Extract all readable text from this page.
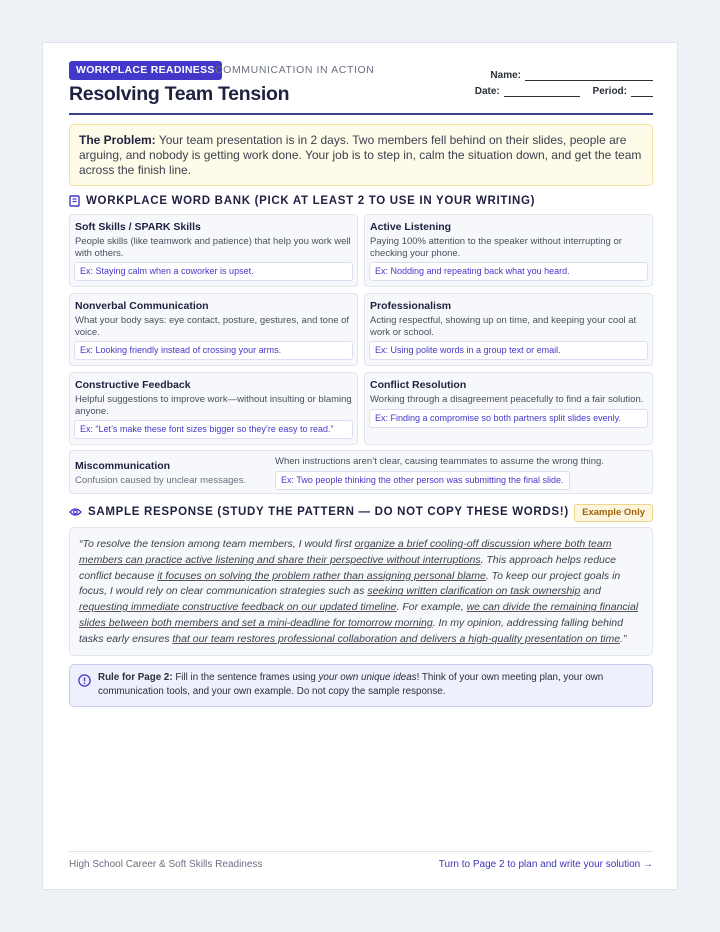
WORKPLACE READINESS COMMUNICATION IN ACTION
Resolving Team Tension
Name:
Date:	Period:
The Problem: Your team presentation is in 2 days. Two members fell behind on their slides, people are arguing, and nobody is getting work done. Your job is to step in, calm the situation down, and get the team across the finish line.
WORKPLACE WORD BANK (PICK AT LEAST 2 TO USE IN YOUR WRITING)
Soft Skills / SPARK Skills
People skills (like teamwork and patience) that help you work well with others.
Ex: Staying calm when a coworker is upset.
Active Listening
Paying 100% attention to the speaker without interrupting or checking your phone.
Ex: Nodding and repeating back what you heard.
Nonverbal Communication
What your body says: eye contact, posture, gestures, and tone of voice.
Ex: Looking friendly instead of crossing your arms.
Professionalism
Acting respectful, showing up on time, and keeping your cool at work or school.
Ex: Using polite words in a group text or email.
Constructive Feedback
Helpful suggestions to improve work—without insulting or blaming anyone.
Ex: “Let’s make these font sizes bigger so they’re easy to read.”
Conflict Resolution
Working through a disagreement peacefully to find a fair solution.
Ex: Finding a compromise so both partners split slides evenly.
Miscommunication
Confusion caused by unclear messages.
When instructions aren’t clear, causing teammates to assume the wrong thing.
Ex: Two people thinking the other person was submitting the final slide.
SAMPLE RESPONSE (STUDY THE PATTERN — DO NOT COPY THESE WORDS!)	Example Only
“To resolve the tension among team members, I would first organize a brief cooling-off discussion where both team members can practice active listening and share their perspective without interruptions. This approach helps reduce conflict because it focuses on solving the problem rather than assigning personal blame. To keep our project goals in focus, I would rely on clear communication strategies such as seeking written clarification on task ownership and requesting immediate constructive feedback on our updated timeline. For example, we can divide the remaining financial slides between both members and set a mini-deadline for tomorrow morning. In my opinion, addressing falling behind tasks early ensures that our team restores professional collaboration and delivers a high-quality presentation on time.”
Rule for Page 2: Fill in the sentence frames using your own unique ideas! Think of your own meeting plan, your own communication tools, and your own example. Do not copy the sample response.
High School Career & Soft Skills Readiness	Turn to Page 2 to plan and write your solution →
